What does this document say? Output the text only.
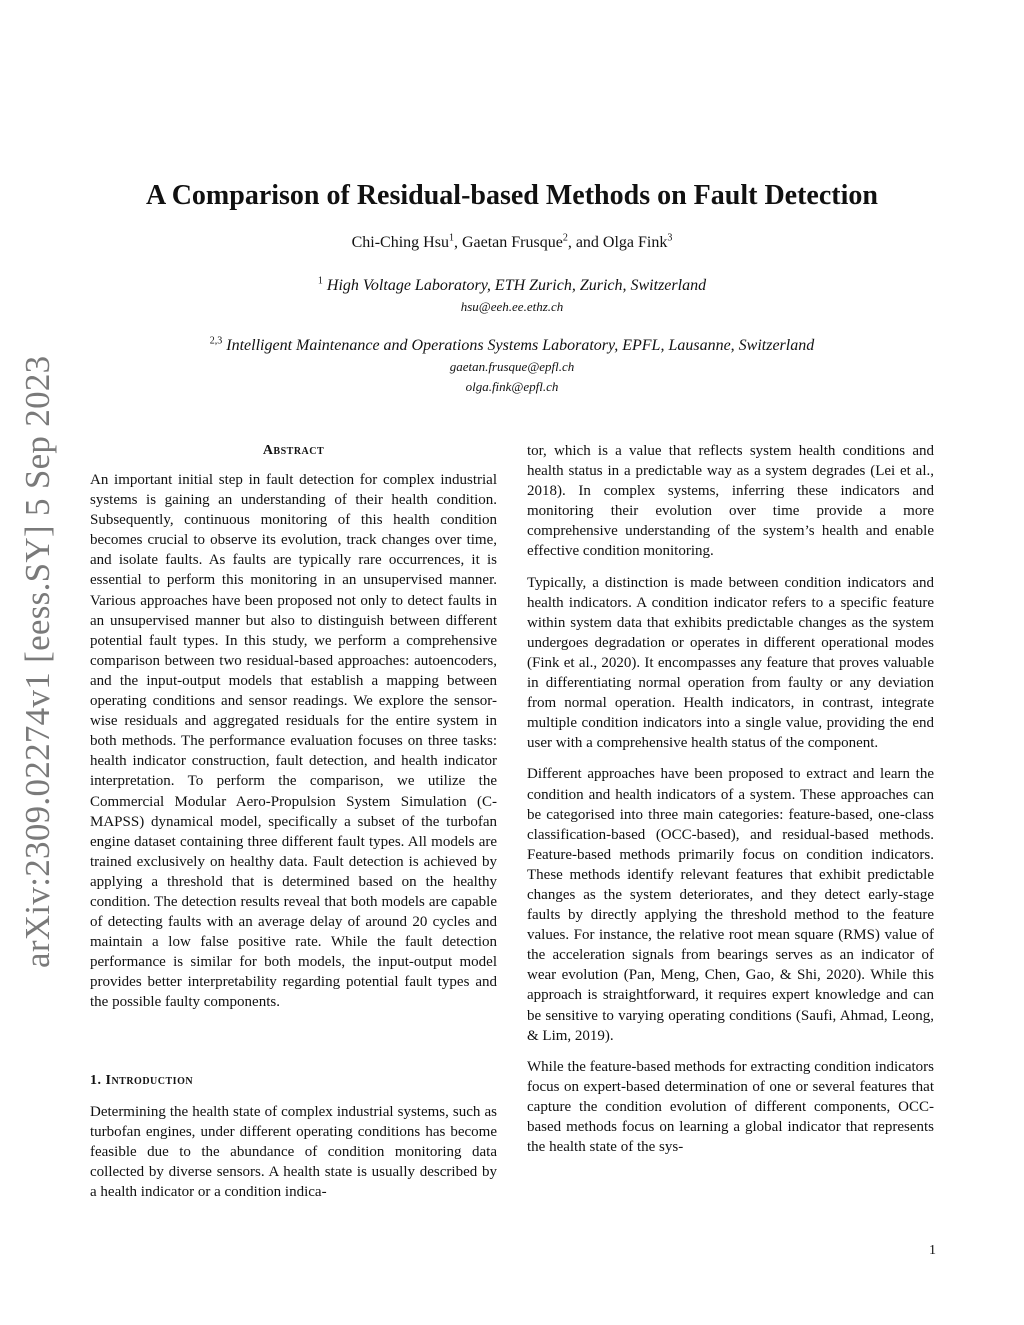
arXiv:2309.02274v1 [eess.SY] 5 Sep 2023
A Comparison of Residual-based Methods on Fault Detection
Chi-Ching Hsu$^1$, Gaetan Frusque$^2$, and Olga Fink$^3$
$^1$ High Voltage Laboratory, ETH Zurich, Zurich, Switzerland
hsu@eeh.ee.ethz.ch
$^{2,3}$ Intelligent Maintenance and Operations Systems Laboratory, EPFL, Lausanne, Switzerland
gaetan.frusque@epfl.ch
olga.fink@epfl.ch
Abstract

An important initial step in fault detection for complex industrial systems is gaining an understanding of their health condition. Subsequently, continuous monitoring of this health condition becomes crucial to observe its evolution, track changes over time, and isolate faults. As faults are typically rare occurrences, it is essential to perform this monitoring in an unsupervised manner. Various approaches have been proposed not only to detect faults in an unsupervised manner but also to distinguish between different potential fault types. In this study, we perform a comprehensive comparison between two residual-based approaches: autoencoders, and the input-output models that establish a mapping between operating conditions and sensor readings. We explore the sensor-wise residuals and aggregated residuals for the entire system in both methods. The performance evaluation focuses on three tasks: health indicator construction, fault detection, and health indicator interpretation. To perform the comparison, we utilize the Commercial Modular Aero-Propulsion System Simulation (C-MAPSS) dynamical model, specifically a subset of the turbofan engine dataset containing three different fault types. All models are trained exclusively on healthy data. Fault detection is achieved by applying a threshold that is determined based on the healthy condition. The detection results reveal that both models are capable of detecting faults with an average delay of around 20 cycles and maintain a low false positive rate. While the fault detection performance is similar for both models, the input-output model provides better interpretability regarding potential fault types and the possible faulty components.

1. Introduction

Determining the health state of complex industrial systems, such as turbofan engines, under different operating conditions has become feasible due to the abundance of condition monitoring data collected by diverse sensors. A health state is usually described by a health indicator or a condition indica-

tor, which is a value that reflects system health conditions and health status in a predictable way as a system degrades (Lei et al., 2018). In complex systems, inferring these indicators and monitoring their evolution over time provide a more comprehensive understanding of the system’s health and enable effective condition monitoring.

Typically, a distinction is made between condition indicators and health indicators. A condition indicator refers to a specific feature within system data that exhibits predictable changes as the system undergoes degradation or operates in different operational modes (Fink et al., 2020). It encompasses any feature that proves valuable in differentiating normal operation from faulty or any deviation from normal operation. Health indicators, in contrast, integrate multiple condition indicators into a single value, providing the end user with a comprehensive health status of the component.

Different approaches have been proposed to extract and learn the condition and health indicators of a system. These approaches can be categorised into three main categories: feature-based, one-class classification-based (OCC-based), and residual-based methods. Feature-based methods primarily focus on condition indicators. These methods identify relevant features that exhibit predictable changes as the system deteriorates, and they detect early-stage faults by directly applying the threshold method to the feature values. For instance, the relative root mean square (RMS) value of the acceleration signals from bearings serves as an indicator of wear evolution (Pan, Meng, Chen, Gao, & Shi, 2020). While this approach is straightforward, it requires expert knowledge and can be sensitive to varying operating conditions (Saufi, Ahmad, Leong, & Lim, 2019).

While the feature-based methods for extracting condition indicators focus on expert-based determination of one or several features that capture the condition evolution of different components, OCC-based methods focus on learning a global indicator that represents the health state of the sys-

1
